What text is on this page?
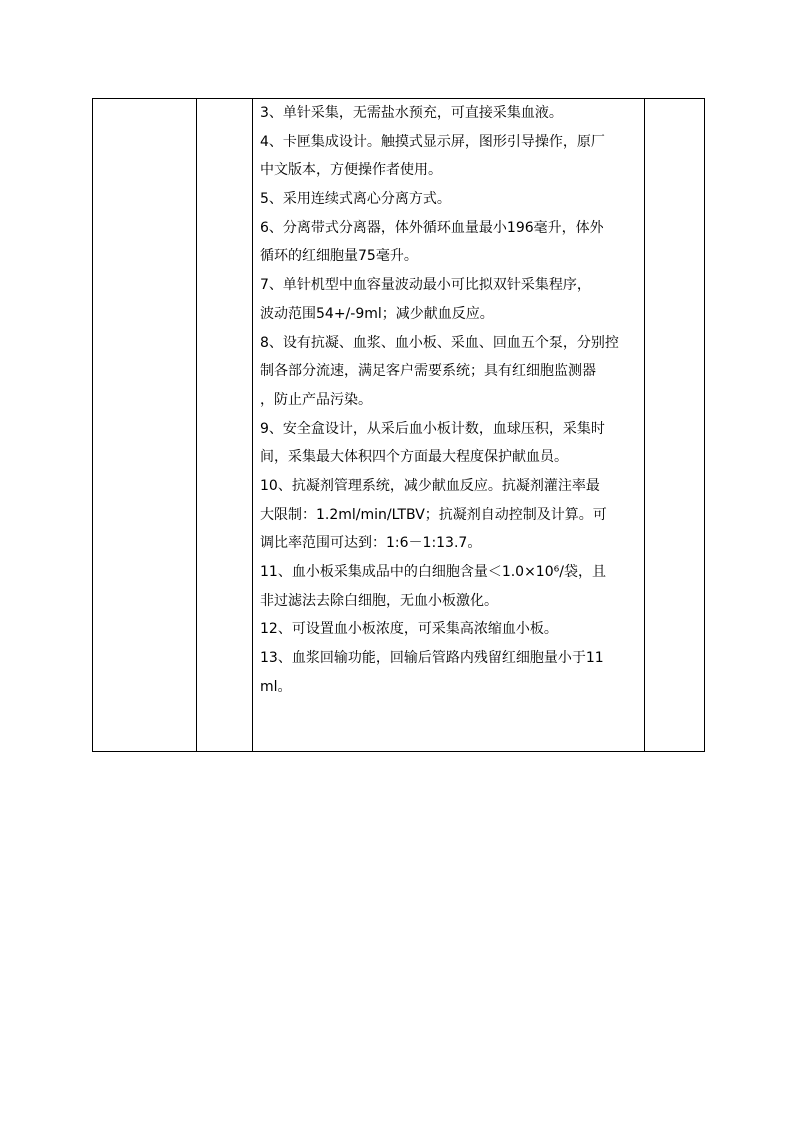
3、单针采集，无需盐水预充，可直接采集血液。
4、卡匣集成设计。触摸式显示屏，图形引导操作，原厂
中文版本，方便操作者使用。
5、采用连续式离心分离方式。
6、分离带式分离器，体外循环血量最小196毫升，体外
循环的红细胞量75毫升。
7、单针机型中血容量波动最小可比拟双针采集程序，
波动范围54+/-9ml；减少献血反应。
8、设有抗凝、血浆、血小板、采血、回血五个泵，分别控
制各部分流速，满足客户需要系统；具有红细胞监测器
，防止产品污染。
9、安全盒设计，从采后血小板计数，血球压积，采集时
间，采集最大体积四个方面最大程度保护献血员。
10、抗凝剂管理系统，减少献血反应。抗凝剂灌注率最
大限制：1.2ml/min/LTBV；抗凝剂自动控制及计算。可
调比率范围可达到：1:6－1:13.7。
11、血小板采集成品中的白细胞含量＜1.0×10⁶/袋，且
非过滤法去除白细胞，无血小板激化。
12、可设置血小板浓度，可采集高浓缩血小板。
13、血浆回输功能，回输后管路内残留红细胞量小于11
ml。
